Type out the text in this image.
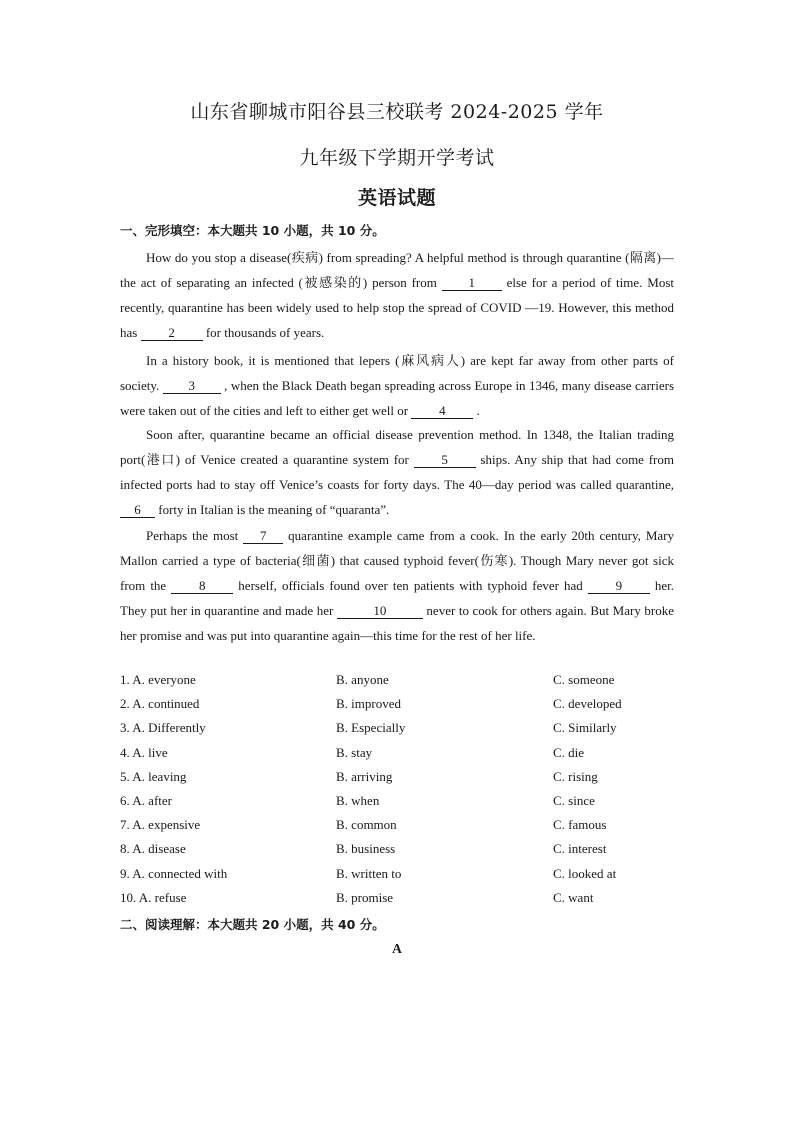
山东省聊城市阳谷县三校联考 2024-2025 学年
九年级下学期开学考试
英语试题
一、完形填空：本大题共 10 小题，共 10 分。

How do you stop a disease(疾病) from spreading? A helpful method is through quarantine (隔离)—the act of separating an infected (被感染的) person from 1 else for a period of time. Most recently, quarantine has been widely used to help stop the spread of COVID —19. However, this method has 2 for thousands of years.

In a history book, it is mentioned that lepers (麻风病人) are kept far away from other parts of society. 3 , when the Black Death began spreading across Europe in 1346, many disease carriers were taken out of the cities and left to either get well or 4 .

Soon after, quarantine became an official disease prevention method. In 1348, the Italian trading port(港口) of Venice created a quarantine system for 5 ships. Any ship that had come from infected ports had to stay off Venice’s coasts for forty days. The 40—day period was called quarantine, 6 forty in Italian is the meaning of “quaranta”.

Perhaps the most 7 quarantine example came from a cook. In the early 20th century, Mary Mallon carried a type of bacteria(细菌) that caused typhoid fever(伤寒). Though Mary never got sick from the 8 herself, officials found over ten patients with typhoid fever had 9 her. They put her in quarantine and made her	10	never to cook for others again. But Mary broke her promise and was put into quarantine again—this time for the rest of her life.

1. A. everyone	B. anyone	C. someone
2. A. continued	B. improved	C. developed
3. A. Differently	B. Especially	C. Similarly
4. A. live	B. stay	C. die
5. A. leaving	B. arriving	C. rising
6. A. after	B. when	C. since
7. A. expensive	B. common	C. famous
8. A. disease	B. business	C. interest
9. A. connected with	B. written to	C. looked at
10. A. refuse	B. promise	C. want
二、阅读理解：本大题共 20 小题，共 40 分。
A
